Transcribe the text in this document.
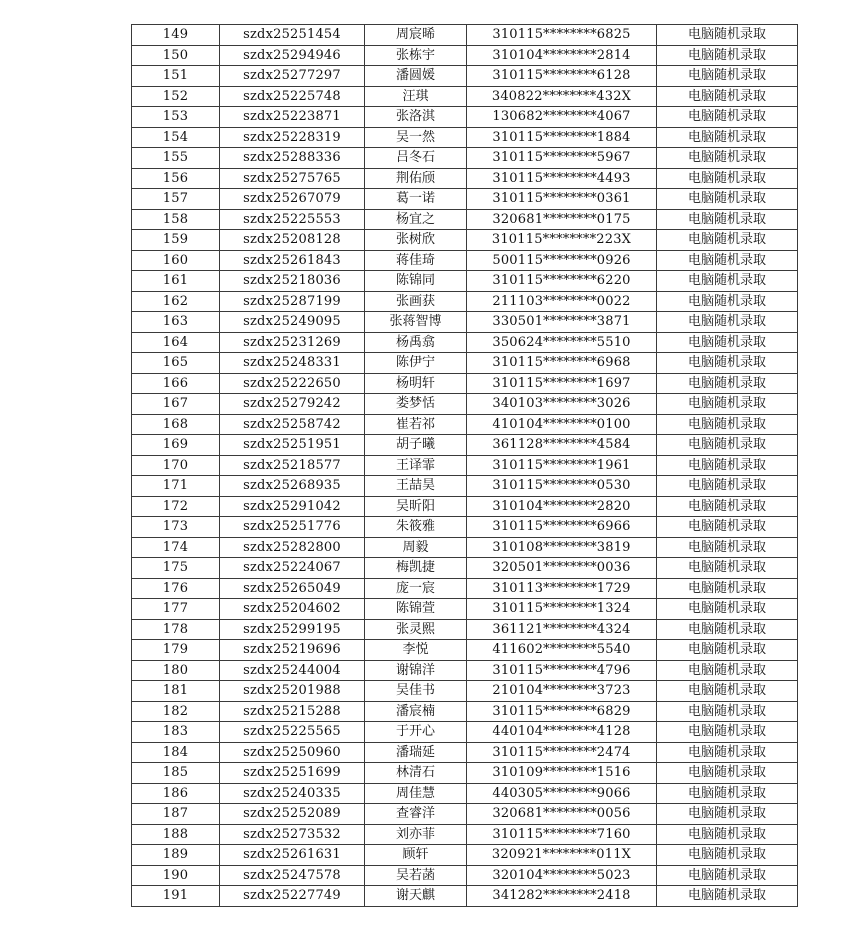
149	szdx25251454	周宸晞	310115********6825	电脑随机录取
150	szdx25294946	张栋宇	310104********2814	电脑随机录取
151	szdx25277297	潘圆媛	310115********6128	电脑随机录取
152	szdx25225748	汪琪	340822********432X	电脑随机录取
153	szdx25223871	张洛淇	130682********4067	电脑随机录取
154	szdx25228319	吴一然	310115********1884	电脑随机录取
155	szdx25288336	吕冬石	310115********5967	电脑随机录取
156	szdx25275765	荆佑颀	310115********4493	电脑随机录取
157	szdx25267079	葛一诺	310115********0361	电脑随机录取
158	szdx25225553	杨宜之	320681********0175	电脑随机录取
159	szdx25208128	张树欣	310115********223X	电脑随机录取
160	szdx25261843	蒋佳琦	500115********0926	电脑随机录取
161	szdx25218036	陈锦同	310115********6220	电脑随机录取
162	szdx25287199	张画获	211103********0022	电脑随机录取
163	szdx25249095	张蒋智博	330501********3871	电脑随机录取
164	szdx25231269	杨禹翕	350624********5510	电脑随机录取
165	szdx25248331	陈伊宁	310115********6968	电脑随机录取
166	szdx25222650	杨明轩	310115********1697	电脑随机录取
167	szdx25279242	娄梦恬	340103********3026	电脑随机录取
168	szdx25258742	崔若祁	410104********0100	电脑随机录取
169	szdx25251951	胡子曦	361128********4584	电脑随机录取
170	szdx25218577	王译霏	310115********1961	电脑随机录取
171	szdx25268935	王喆昊	310115********0530	电脑随机录取
172	szdx25291042	吴昕阳	310104********2820	电脑随机录取
173	szdx25251776	朱筱雅	310115********6966	电脑随机录取
174	szdx25282800	周毅	310108********3819	电脑随机录取
175	szdx25224067	梅凯捷	320501********0036	电脑随机录取
176	szdx25265049	庞一宸	310113********1729	电脑随机录取
177	szdx25204602	陈锦萱	310115********1324	电脑随机录取
178	szdx25299195	张灵熙	361121********4324	电脑随机录取
179	szdx25219696	李悦	411602********5540	电脑随机录取
180	szdx25244004	谢锦洋	310115********4796	电脑随机录取
181	szdx25201988	吴佳书	210104********3723	电脑随机录取
182	szdx25215288	潘宸楠	310115********6829	电脑随机录取
183	szdx25225565	于开心	440104********4128	电脑随机录取
184	szdx25250960	潘瑞延	310115********2474	电脑随机录取
185	szdx25251699	林清石	310109********1516	电脑随机录取
186	szdx25240335	周佳慧	440305********9066	电脑随机录取
187	szdx25252089	查睿洋	320681********0056	电脑随机录取
188	szdx25273532	刘亦菲	310115********7160	电脑随机录取
189	szdx25261631	顾轩	320921********011X	电脑随机录取
190	szdx25247578	吴若菡	320104********5023	电脑随机录取
191	szdx25227749	谢天麒	341282********2418	电脑随机录取
